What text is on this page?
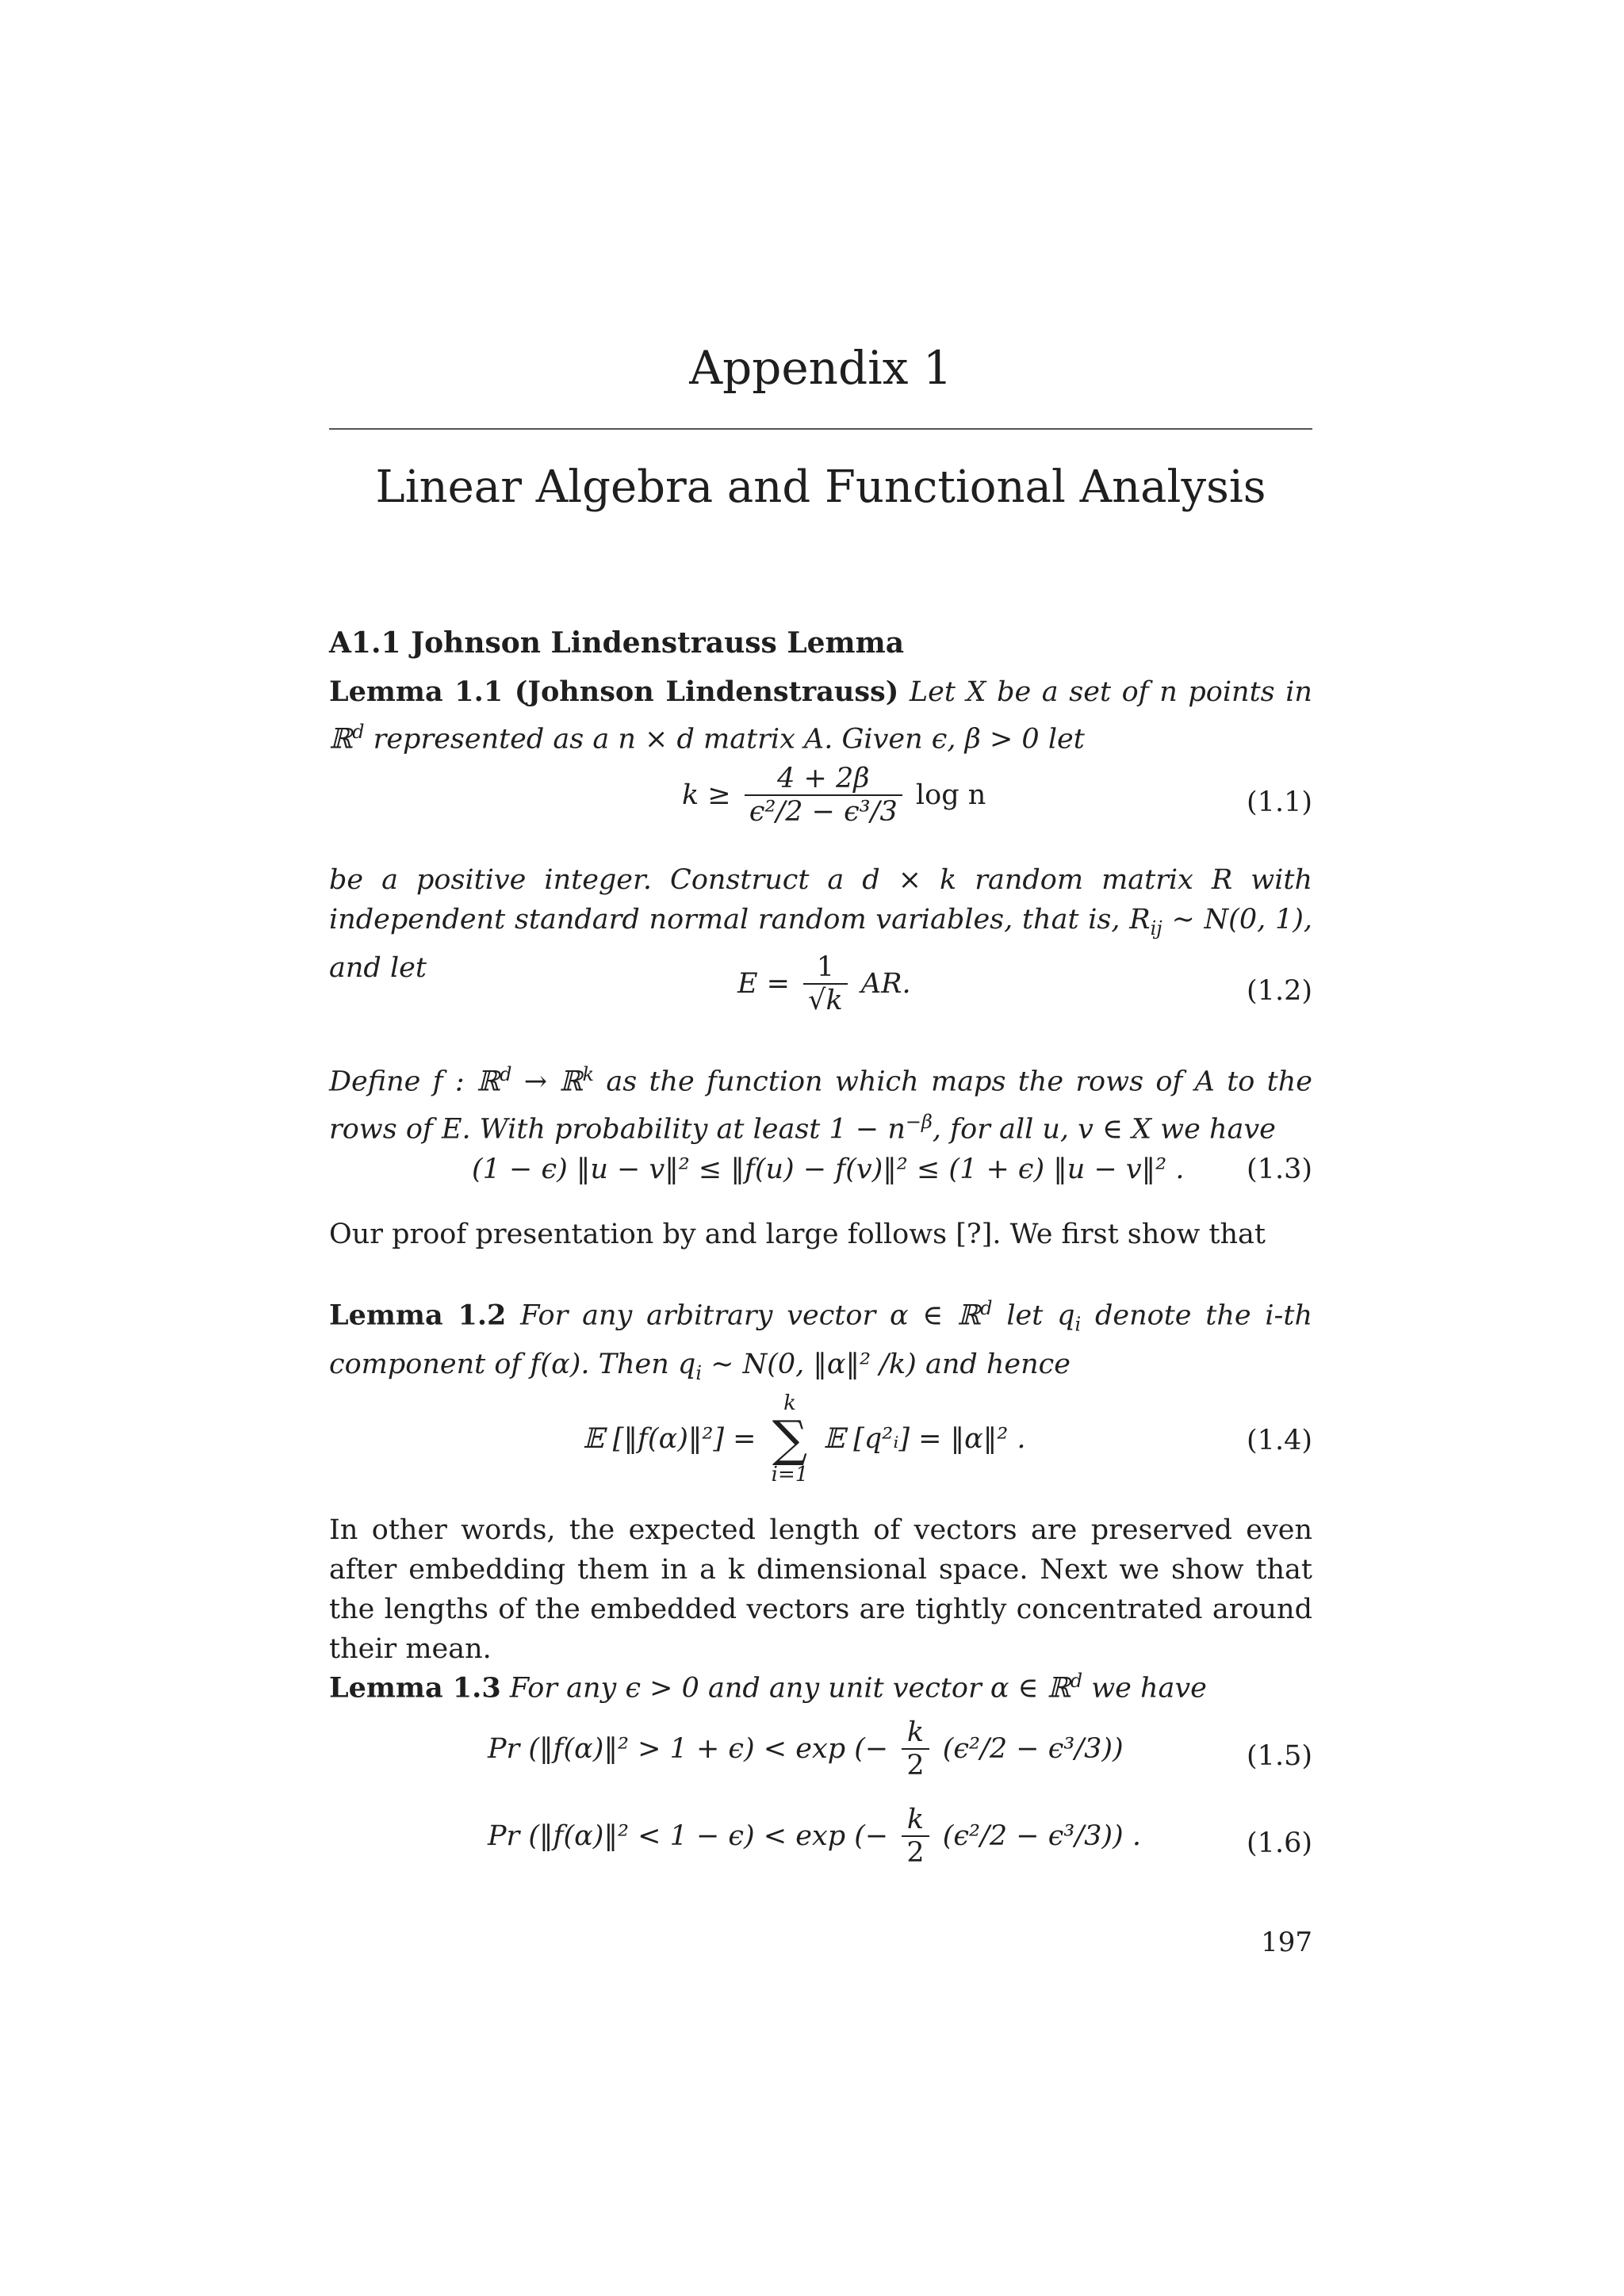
Appendix 1
Linear Algebra and Functional Analysis
A1.1 Johnson Lindenstrauss Lemma
Lemma 1.1 (Johnson Lindenstrauss) Let X be a set of n points in ℝ$^d$ represented as a n × d matrix A. Given ϵ, β > 0 let
$k \ge \frac{4 + 2\beta}{\text{ϵ²/2 − ϵ³/3}}$ log n	(1.1)
be a positive integer. Construct a d × k random matrix R with independent standard normal random variables, that is, $R_{ij}$ ∼ N(0, 1), and let	$E = \frac{1}{√k}$ AR.	(1.2)
Define f : ℝ$^d$ → ℝ$^k$ as the function which maps the rows of A to the rows of E. With probability at least $1 - n^{-\beta}$, for all u, v ∈ X we have
(1 − ϵ) ‖u − v‖² ≤ ‖f(u) − f(v)‖² ≤ (1 + ϵ) ‖u − v‖² . (1.3)
Our proof presentation by and large follows [?]. We first show that
Lemma 1.2 For any arbitrary vector α ∈ ℝ$^d$ let $q_i$ denote the i-th component of f(α). Then $q_i$ ∼ N(0, ‖α‖² /k) and hence
𝔼 [‖f(α)‖²] =
k
∑
i=1
𝔼 [q²ᵢ] = ‖α‖² .	(1.4)
In other words, the expected length of vectors are preserved even after embedding them in a k dimensional space. Next we show that the lengths of the embedded vectors are tightly concentrated around their mean.
Lemma 1.3 For any ϵ > 0 and any unit vector α ∈ ℝ$^d$ we have
Pr (‖f(α)‖² > 1 + ϵ) < exp (− $\frac{k}{2} (\epsilon^2/2 - \epsilon^3/3)$)	(1.5)
Pr (‖f(α)‖² < 1 − ϵ) < exp (− $\frac{k}{2} (\epsilon^2/2 - \epsilon^3/3)$) .	(1.6)
197
